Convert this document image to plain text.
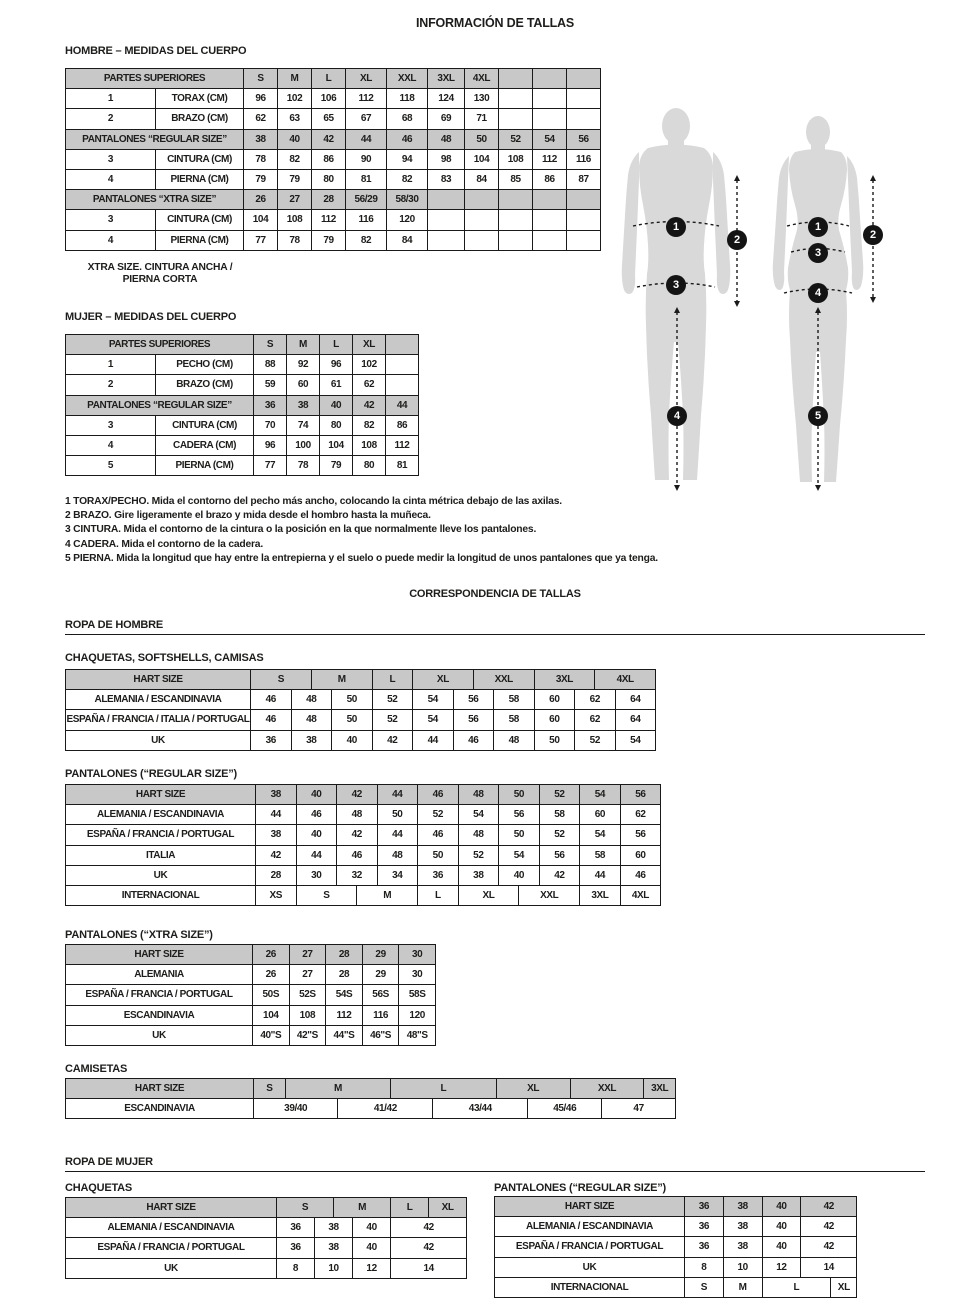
INFORMACIÓN DE TALLAS
HOMBRE – MEDIDAS DEL CUERPO
PARTES SUPERIORES		S	M	L	XL	XXL	3XL	4XL			
1	TORAX (CM)	96	102	106	112	118	124	130			
2	BRAZO (CM)	62	63	65	67	68	69	71			
PANTALONES “REGULAR SIZE”		38	40	42	44	46	48	50	52	54	56
3	CINTURA (CM)	78	82	86	90	94	98	104	108	112	116
4	PIERNA (CM)	79	79	80	81	82	83	84	85	86	87
PANTALONES “XTRA SIZE”		26	27	28	56/29	58/30					
3	CINTURA (CM)	104	108	112	116	120					
4	PIERNA (CM)	77	78	79	82	84					
XTRA SIZE. CINTURA ANCHA /
PIERNA CORTA
1
2
3
4
1
2
3
4
5
MUJER – MEDIDAS DEL CUERPO
PARTES SUPERIORES		S	M	L	XL	
1	PECHO (CM)	88	92	96	102	
2	BRAZO (CM)	59	60	61	62	
PANTALONES “REGULAR SIZE”		36	38	40	42	44
3	CINTURA (CM)	70	74	80	82	86
4	CADERA (CM)	96	100	104	108	112
5	PIERNA (CM)	77	78	79	80	81
1 TORAX/PECHO. Mida el contorno del pecho más ancho, colocando la cinta métrica debajo de las axilas.
2 BRAZO. Gire ligeramente el brazo y mida desde el hombro hasta la muñeca.
3 CINTURA. Mida el contorno de la cintura o la posición en la que normalmente lleve los pantalones.
4 CADERA. Mida el contorno de la cadera.
5 PIERNA. Mida la longitud que hay entre la entrepierna y el suelo o puede medir la longitud de unos pantalones que ya tenga.
CORRESPONDENCIA DE TALLAS
ROPA DE HOMBRE
CHAQUETAS, SOFTSHELLS, CAMISAS
HART SIZE	S		M		L	XL		XXL		3XL		4XL	
ALEMANIA / ESCANDINAVIA	46	48		50	52	54	56		58	60	62		64
ESPAÑA / FRANCIA / ITALIA / PORTUGAL	46	48		50	52	54	56		58	60	62		64
UK	36	38		40	42	44	46		48	50	52		54
PANTALONES (“REGULAR SIZE”)
HART SIZE	38	40	42		44	46	48	50		52	54	56
ALEMANIA / ESCANDINAVIA	44	46	48		50	52	54	56		58	60	62
ESPAÑA / FRANCIA / PORTUGAL	38	40	42		44	46	48	50		52	54	56
ITALIA	42	44	46		48	50	52	54		56	58	60
UK	28	30	32		34	36	38	40		42	44	46
INTERNACIONAL	XS	S		M		L	XL		XXL		3XL	4XL
PANTALONES (“XTRA SIZE”)
HART SIZE	26	27	28	29	30
ALEMANIA	26	27	28	29	30
ESPAÑA / FRANCIA / PORTUGAL	50S	52S	54S	56S	58S
ESCANDINAVIA	104	108	112	116	120
UK	40"S	42"S	44"S	46"S	48"S
CAMISETAS
HART SIZE	S	M		L		XL		XXL		3XL
ESCANDINAVIA	39/40		41/42		43/44		45/46		47	
ROPA DE MUJER
CHAQUETAS
HART SIZE	S		M		L	XL
ALEMANIA / ESCANDINAVIA	36	38		40	42	
ESPAÑA / FRANCIA / PORTUGAL	36	38		40	42	
UK	8	10		12	14	
PANTALONES (“REGULAR SIZE”)
HART SIZE	36	38	40	42	
ALEMANIA / ESCANDINAVIA	36	38	40	42	
ESPAÑA / FRANCIA / PORTUGAL	36	38	40	42	
UK	8	10	12	14	
INTERNACIONAL	S	M	L		XL
